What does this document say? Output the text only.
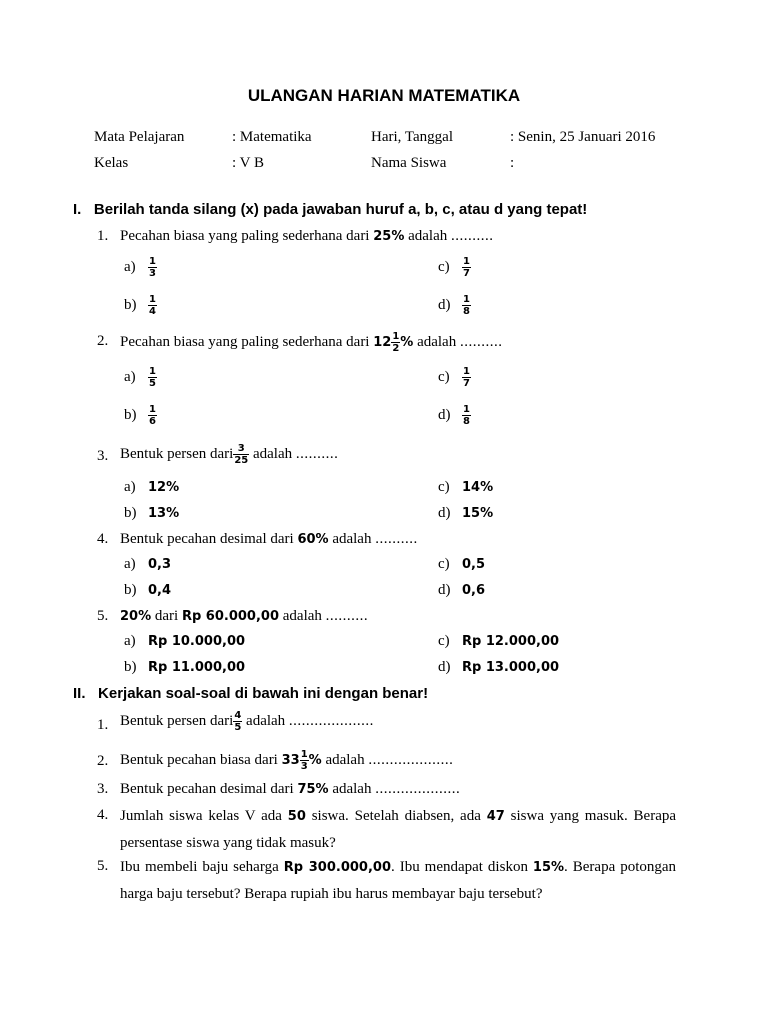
ULANGAN HARIAN MATEMATIKA
Mata Pelajaran	: Matematika	Hari, Tanggal	: Senin, 25 Januari 2016
Kelas	: V B	Nama Siswa	:
I. Berilah tanda silang (x) pada jawaban huruf a, b, c, atau d yang tepat!
1. Pecahan biasa yang paling sederhana dari 25% adalah ..........
$a) \frac{1}{3}$	$c) \frac{1}{7}$
$b) \frac{1}{4}$	$d) \frac{1}{8}$
2. Pecahan biasa yang paling sederhana dari $12 \frac{1}{2}$ % adalah ..........
$a) \frac{1}{5}$	$c) \frac{1}{7}$
$b) \frac{1}{6}$	$d) \frac{1}{8}$
3. Bentuk persen dari $\frac{3}{25}$ adalah ..........
a) 12%	c) 14%
b) 13%	d) 15%
4. Bentuk pecahan desimal dari 60% adalah ..........
a) 0,3	c) 0,5
b) 0,4	d) 0,6
5. 20% dari Rp 60.000,00 adalah ..........
a) Rp 10.000,00	c) Rp 12.000,00
b) Rp 11.000,00	d) Rp 13.000,00
II. Kerjakan soal-soal di bawah ini dengan benar!
1. Bentuk persen dari $\frac{4}{5}$ adalah ....................
2. Bentuk pecahan biasa dari $33 \frac{1}{3}$ % adalah ....................
3. Bentuk pecahan desimal dari 75% adalah ....................
4. Jumlah siswa kelas V ada 50 siswa. Setelah diabsen, ada 47 siswa yang masuk. Berapa persentase siswa yang tidak masuk?
5. Ibu membeli baju seharga Rp 300.000,00. Ibu mendapat diskon 15%. Berapa potongan harga baju tersebut? Berapa rupiah ibu harus membayar baju tersebut?
